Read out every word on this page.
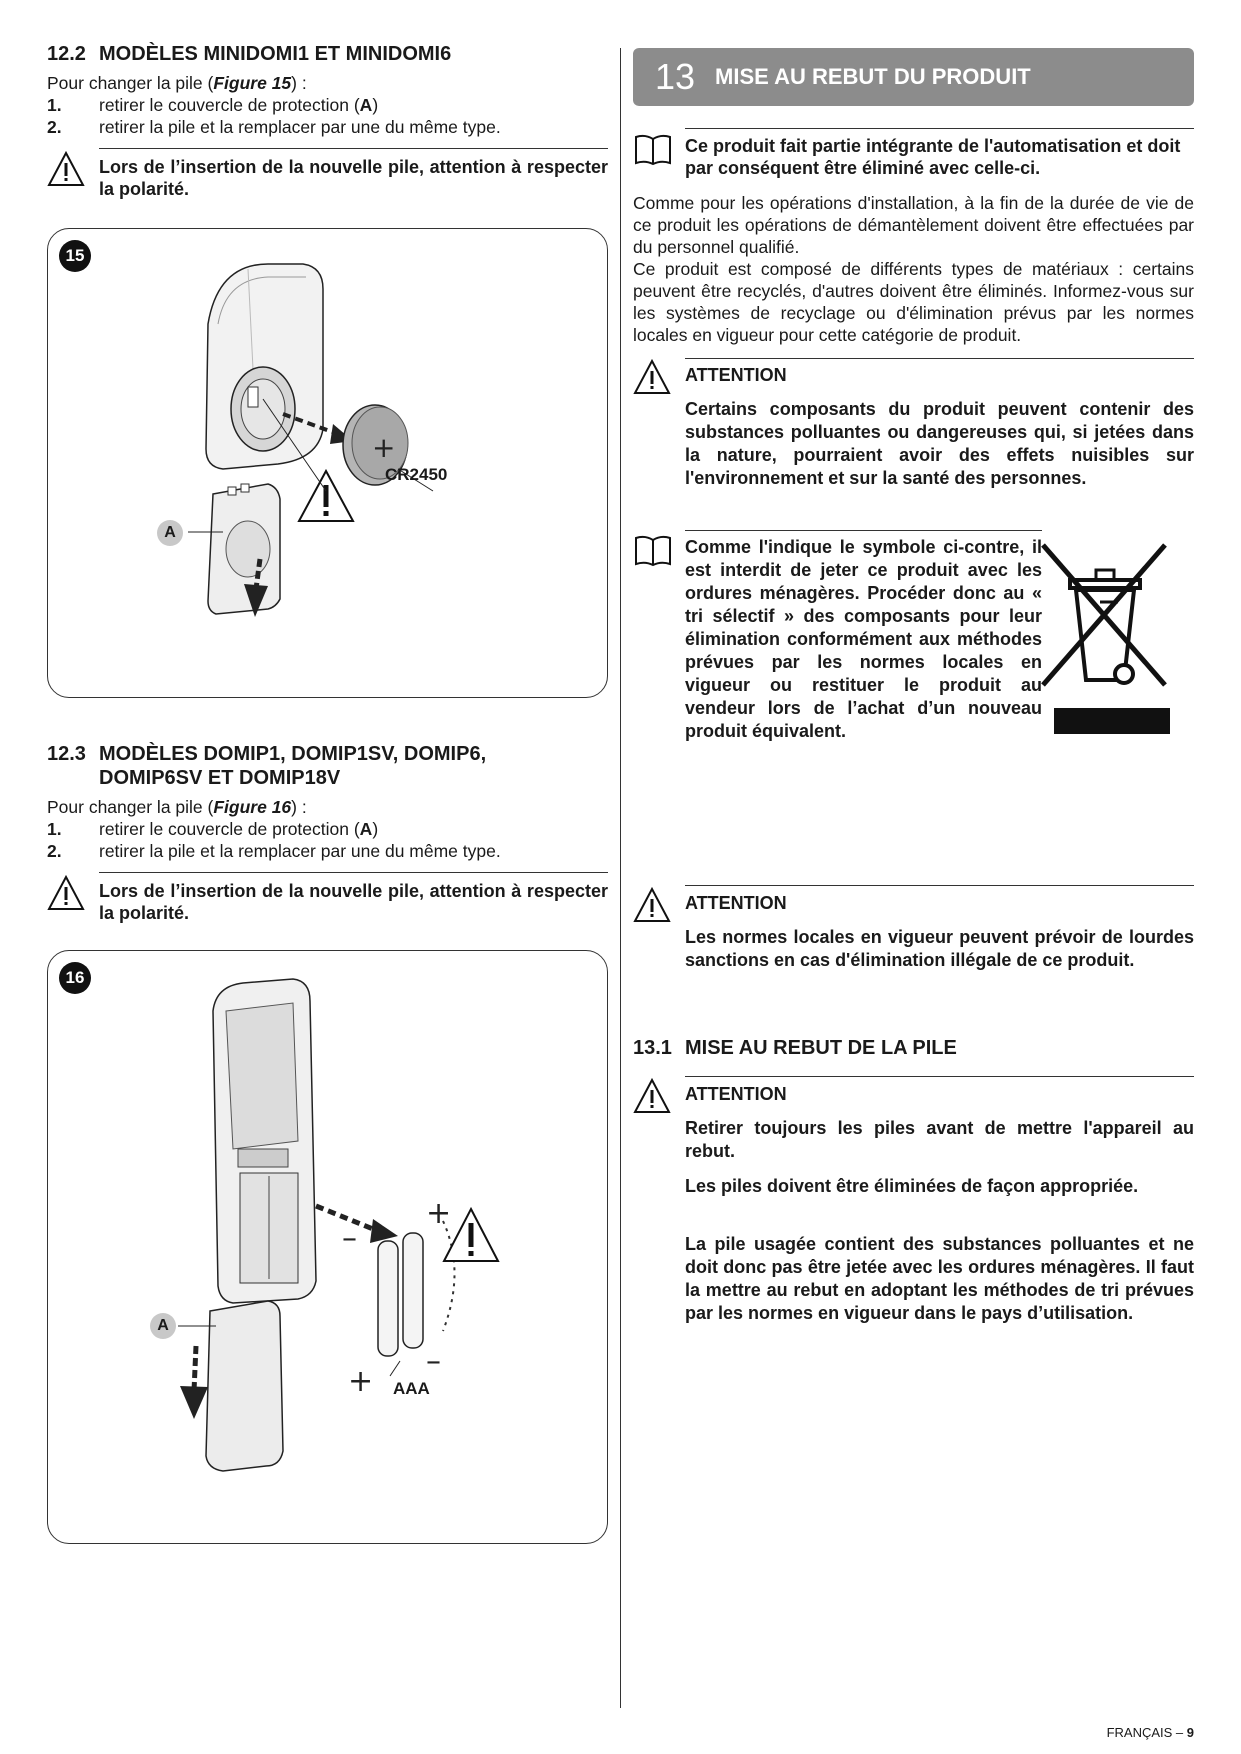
12.2 MODÈLES MINIDOMI1 ET MINIDOMI6
Pour changer la pile (Figure 15) :
1. retirer le couvercle de protection (A)
2. retirer la pile et la remplacer par une du même type.
Lors de l’insertion de la nouvelle pile, attention à respecter la polarité.
15
+
CR2450
A
12.3 MODÈLES DOMIP1, DOMIP1SV, DOMIP6,
DOMIP6SV ET DOMIP18V
Pour changer la pile (Figure 16) :
1. retirer le couvercle de protection (A)
2. retirer la pile et la remplacer par une du même type.
Lors de l’insertion de la nouvelle pile, attention à respecter la polarité.
16
–
+
+
–
AAA
A
13 MISE AU REBUT DU PRODUIT
Ce produit fait partie intégrante de l'automatisation et doit par conséquent être éliminé avec celle-ci.
Comme pour les opérations d'installation, à la fin de la durée de vie de ce produit les opérations de démantèlement doivent être effectuées par du personnel qualifié.
Ce produit est composé de différents types de matériaux : certains peuvent être recyclés, d'autres doivent être éliminés. Informez-vous sur les systèmes de recyclage ou d'élimination prévus par les normes locales en vigueur pour cette catégorie de produit.
ATTENTION
Certains composants du produit peuvent contenir des substances polluantes ou dangereuses qui, si jetées dans la nature, pourraient avoir des effets nuisibles sur l'environnement et sur la santé des personnes.
Comme l'indique le symbole ci-contre, il est interdit de jeter ce produit avec les ordures ménagères. Procéder donc au « tri sélectif » des composants pour leur élimination conformément aux méthodes prévues par les normes locales en vigueur ou restituer le produit au vendeur lors de l’achat d’un nouveau produit équivalent.
ATTENTION
Les normes locales en vigueur peuvent prévoir de lourdes sanctions en cas d'élimination illégale de ce produit.
13.1 MISE AU REBUT DE LA PILE
ATTENTION
Retirer toujours les piles avant de mettre l'appareil au rebut.
Les piles doivent être éliminées de façon appropriée.
La pile usagée contient des substances polluantes et ne doit donc pas être jetée avec les ordures ménagères. Il faut la mettre au rebut en adoptant les méthodes de tri prévues par les normes en vigueur dans le pays d’utilisation.
FRANÇAIS – 9
